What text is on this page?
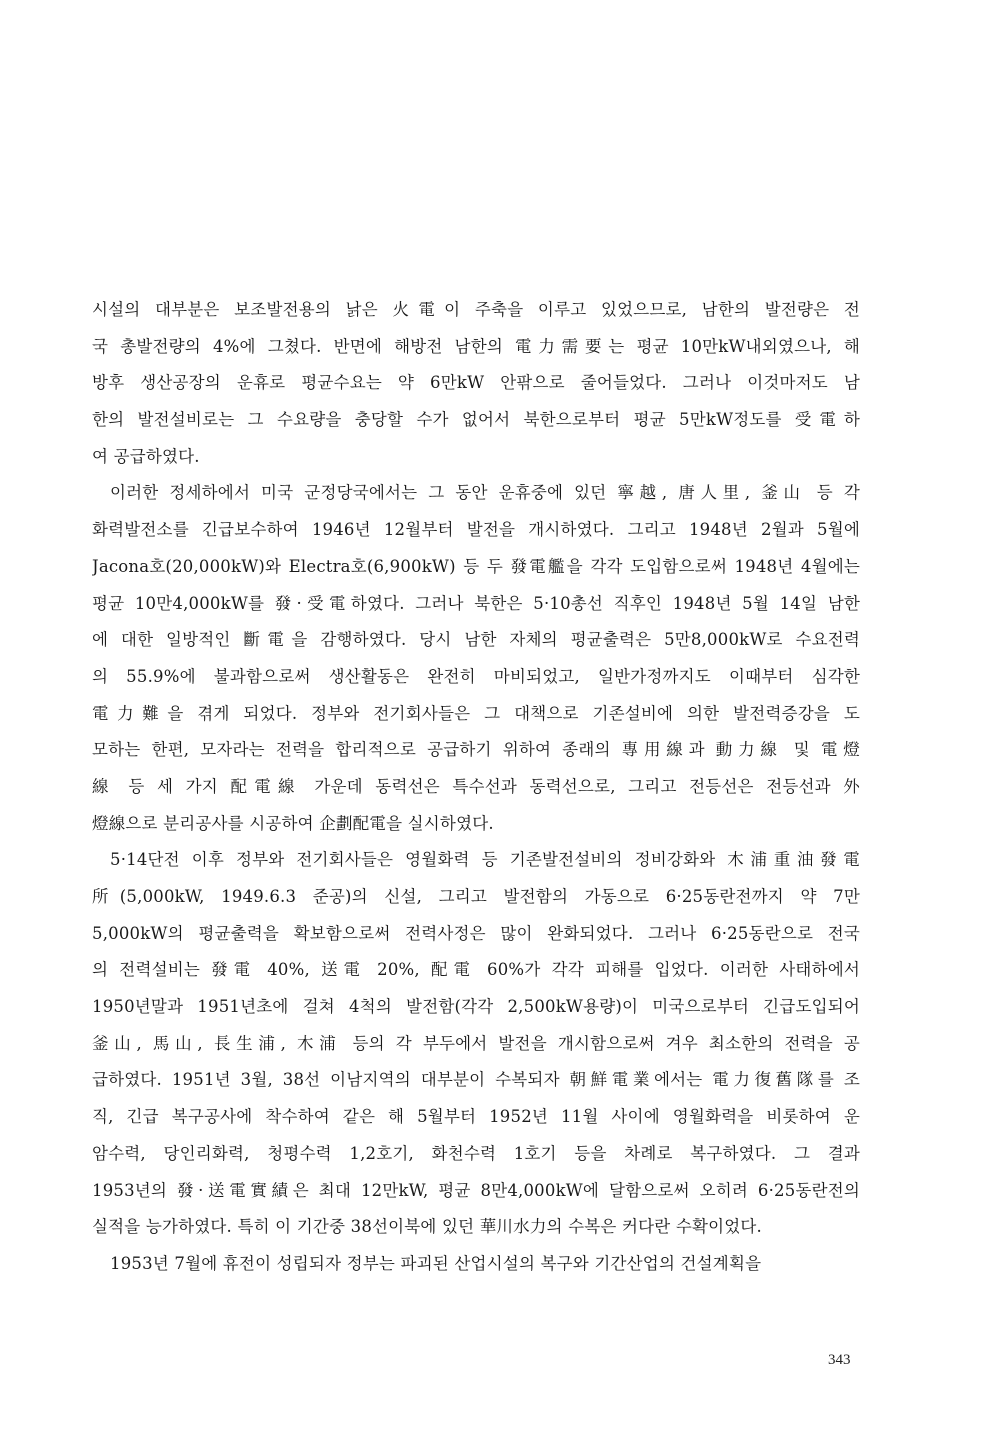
시설의 대부분은 보조발전용의 낡은 火電이 주축을 이루고 있었으므로, 남한의 발전량은 전
국 총발전량의 4%에 그쳤다. 반면에 해방전 남한의 電力需要는 평균 10만kW내외였으나, 해
방후 생산공장의 운휴로 평균수요는 약 6만kW 안팎으로 줄어들었다. 그러나 이것마저도 남
한의 발전설비로는 그 수요량을 충당할 수가 없어서 북한으로부터 평균 5만kW정도를 受電하
여 공급하였다.
이러한 정세하에서 미국 군정당국에서는 그 동안 운휴중에 있던 寧越, 唐人里, 釜山 등 각
화력발전소를 긴급보수하여 1946년 12월부터 발전을 개시하였다. 그리고 1948년 2월과 5월에
Jacona호(20,000kW)와 Electra호(6,900kW) 등 두 發電艦을 각각 도입함으로써 1948년 4월에는
평균 10만4,000kW를 發·受電하였다. 그러나 북한은 5·10총선 직후인 1948년 5월 14일 남한
에 대한 일방적인 斷電을 감행하였다. 당시 남한 자체의 평균출력은 5만8,000kW로 수요전력
의 55.9%에 불과함으로써 생산활동은 완전히 마비되었고, 일반가정까지도 이때부터 심각한
電力難을 겪게 되었다. 정부와 전기회사들은 그 대책으로 기존설비에 의한 발전력증강을 도
모하는 한편, 모자라는 전력을 합리적으로 공급하기 위하여 종래의 專用線과 動力線 및 電燈
線 등 세 가지 配電線 가운데 동력선은 특수선과 동력선으로, 그리고 전등선은 전등선과 外
燈線으로 분리공사를 시공하여 企劃配電을 실시하였다.
5·14단전 이후 정부와 전기회사들은 영월화력 등 기존발전설비의 정비강화와 木浦重油發電
所(5,000kW, 1949.6.3 준공)의 신설, 그리고 발전함의 가동으로 6·25동란전까지 약 7만
5,000kW의 평균출력을 확보함으로써 전력사정은 많이 완화되었다. 그러나 6·25동란으로 전국
의 전력설비는 發電 40%, 送電 20%, 配電 60%가 각각 피해를 입었다. 이러한 사태하에서
1950년말과 1951년초에 걸쳐 4척의 발전함(각각 2,500kW용량)이 미국으로부터 긴급도입되어
釜山, 馬山, 長生浦, 木浦 등의 각 부두에서 발전을 개시함으로써 겨우 최소한의 전력을 공
급하였다. 1951년 3월, 38선 이남지역의 대부분이 수복되자 朝鮮電業에서는 電力復舊隊를 조
직, 긴급 복구공사에 착수하여 같은 해 5월부터 1952년 11월 사이에 영월화력을 비롯하여 운
암수력, 당인리화력, 청평수력 1,2호기, 화천수력 1호기 등을 차례로 복구하였다. 그 결과
1953년의 發·送電實績은 최대 12만kW, 평균 8만4,000kW에 달함으로써 오히려 6·25동란전의
실적을 능가하였다. 특히 이 기간중 38선이북에 있던 華川水力의 수복은 커다란 수확이었다.
1953년 7월에 휴전이 성립되자 정부는 파괴된 산업시설의 복구와 기간산업의 건설계획을
343
